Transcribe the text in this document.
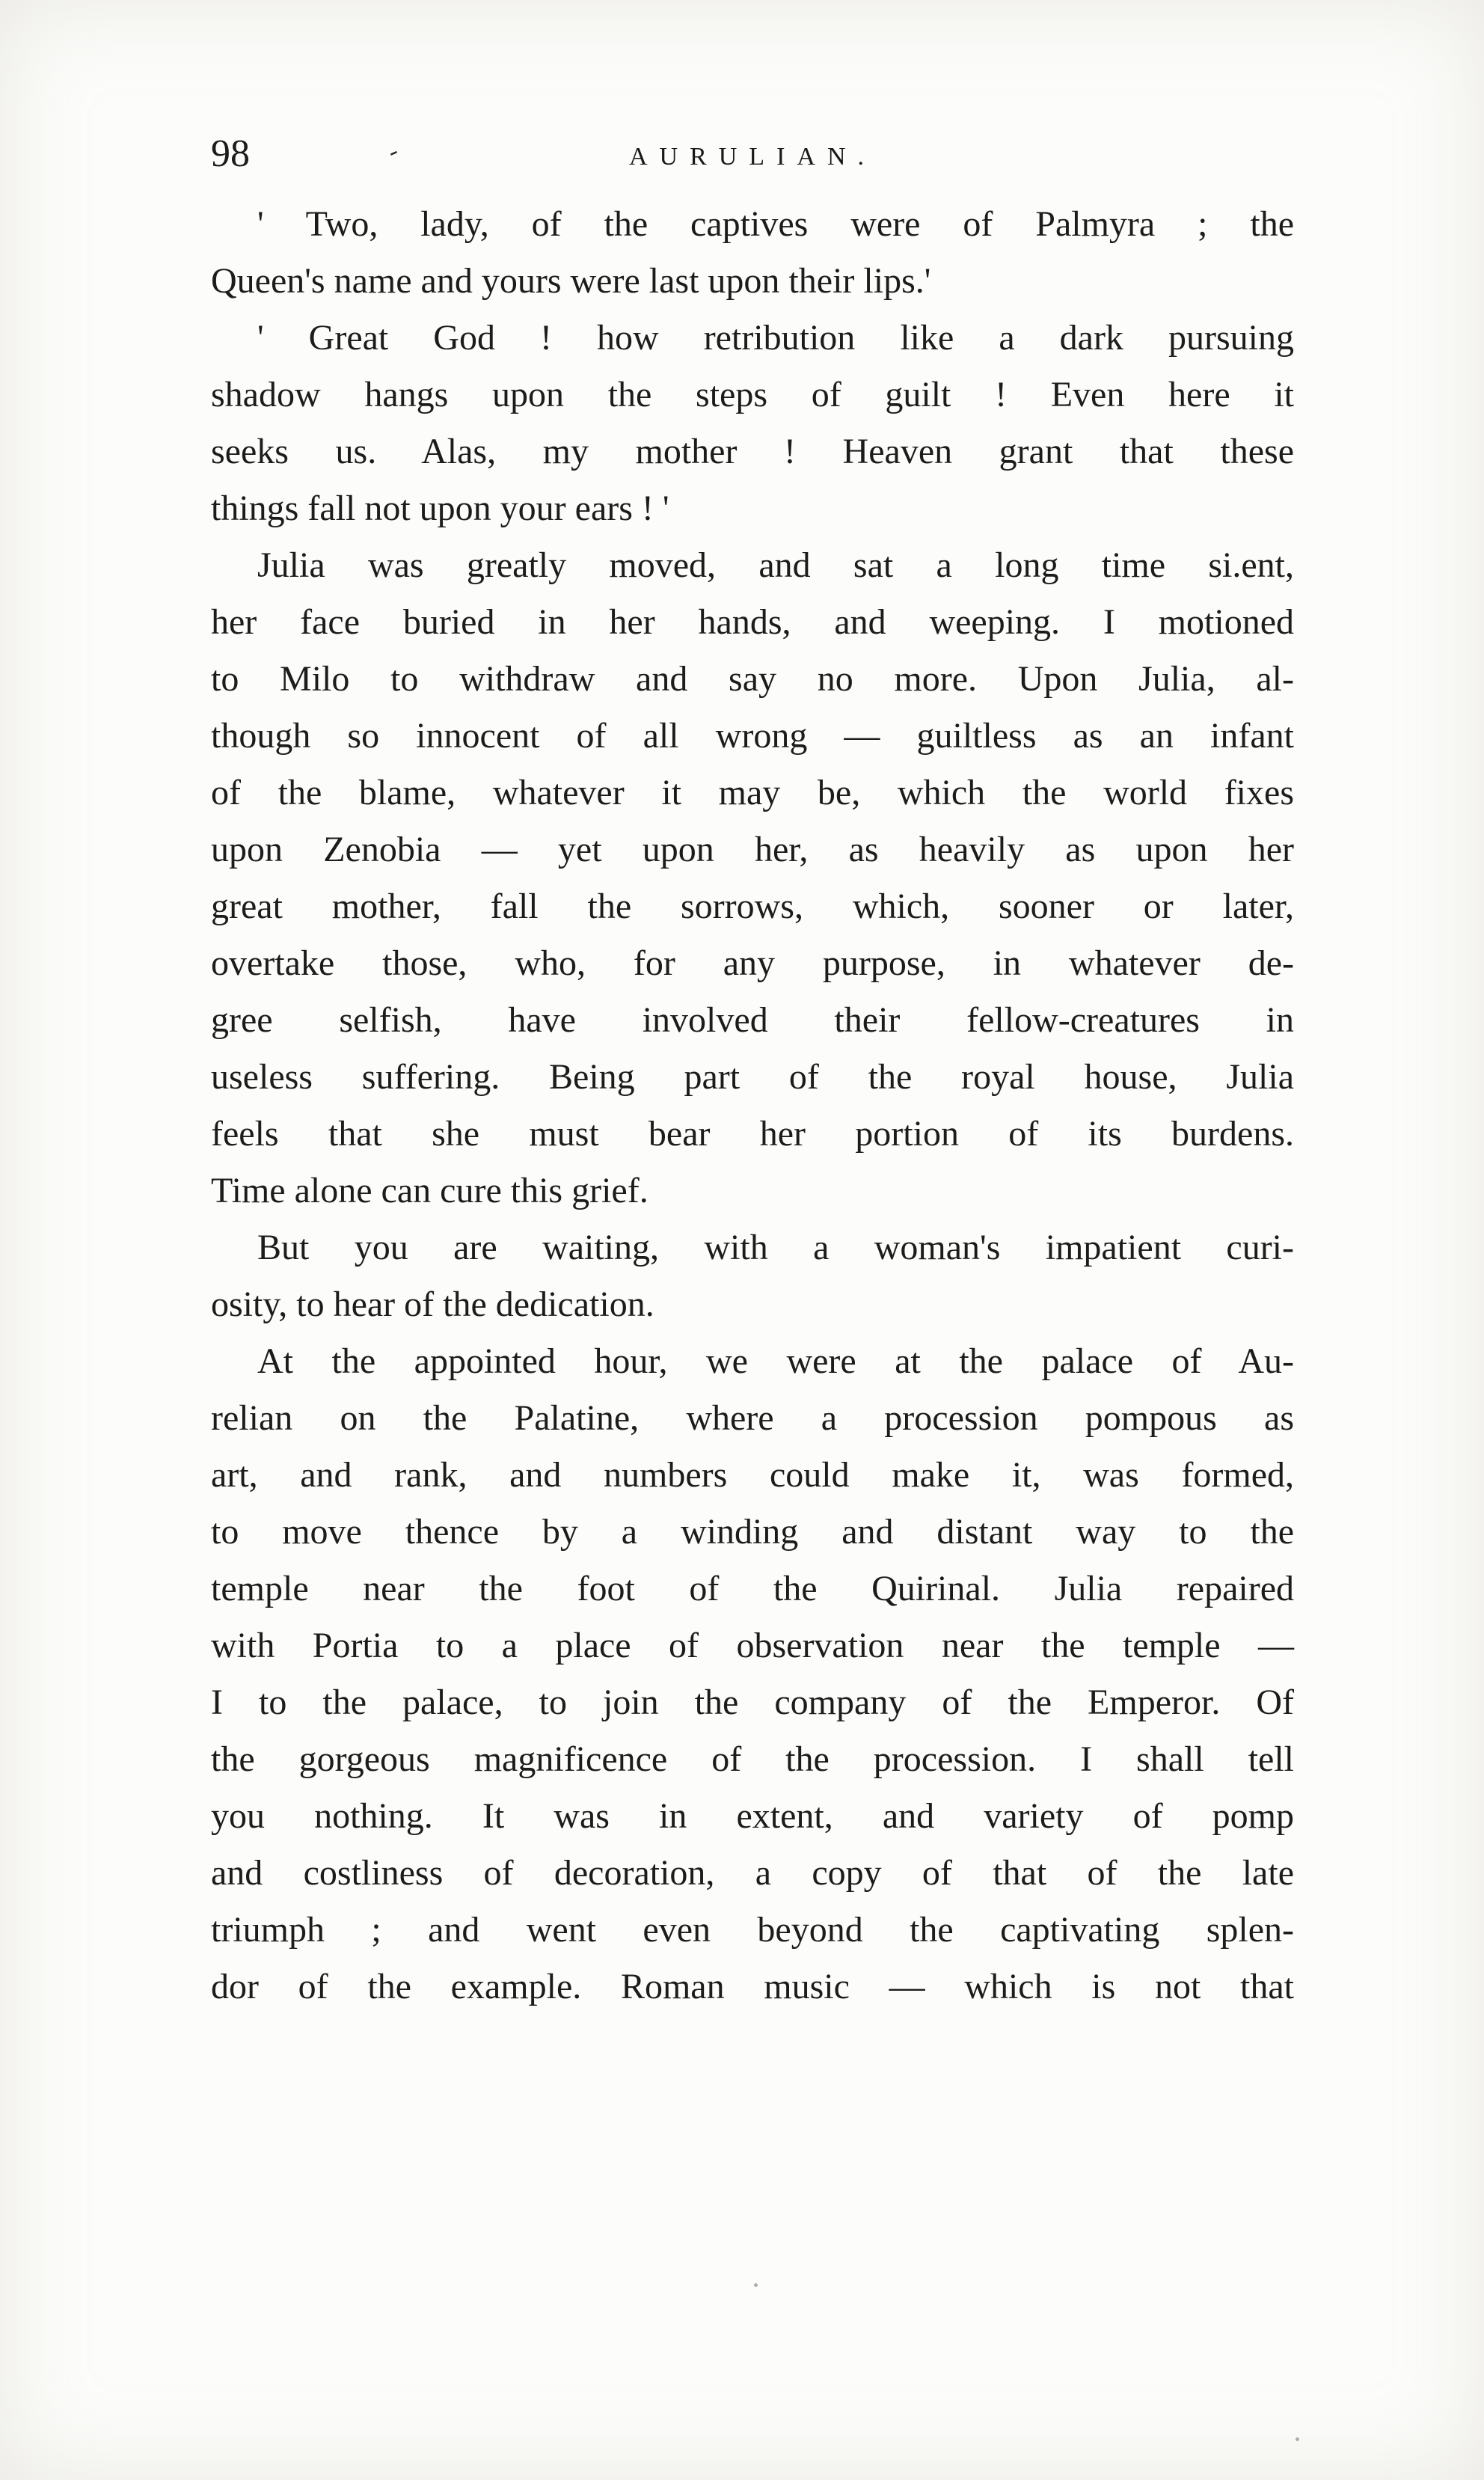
98	-	AURULIAN.

' Two, lady, of the captives were of Palmyra ; the
Queen's name and yours were last upon their lips.'

' Great God ! how retribution like a dark pursuing
shadow hangs upon the steps of guilt ! Even here it
seeks us. Alas, my mother ! Heaven grant that these
things fall not upon your ears ! '

Julia was greatly moved, and sat a long time si.ent,
her face buried in her hands, and weeping. I motioned
to Milo to withdraw and say no more. Upon Julia, al-
though so innocent of all wrong — guiltless as an infant
of the blame, whatever it may be, which the world fixes
upon Zenobia — yet upon her, as heavily as upon her
great mother, fall the sorrows, which, sooner or later,
overtake those, who, for any purpose, in whatever de-
gree selfish, have involved their fellow-creatures in
useless suffering. Being part of the royal house, Julia
feels that she must bear her portion of its burdens.
Time alone can cure this grief.

But you are waiting, with a woman's impatient curi-
osity, to hear of the dedication.

At the appointed hour, we were at the palace of Au-
relian on the Palatine, where a procession pompous as
art, and rank, and numbers could make it, was formed,
to move thence by a winding and distant way to the
temple near the foot of the Quirinal. Julia repaired
with Portia to a place of observation near the temple —
I to the palace, to join the company of the Emperor. Of
the gorgeous magnificence of the procession. I shall tell
you nothing. It was in extent, and variety of pomp
and costliness of decoration, a copy of that of the late
triumph ; and went even beyond the captivating splen-
dor of the example. Roman music — which is not that
